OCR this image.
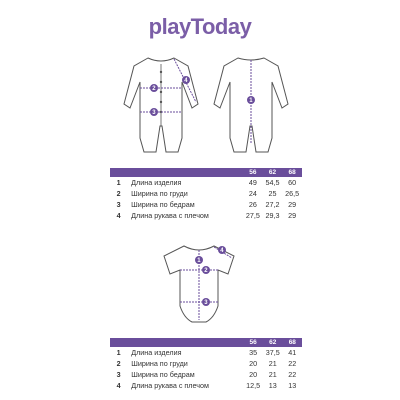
playToday
2
3
4
1
		56	62	68
1	Длина изделия	49	54,5	60
2	Ширина по груди	24	25	26,5
3	Ширина по бедрам	26	27,2	29
4	Длина рукава с плечом	27,5	29,3	29
1
2
3
4
		56	62	68
1	Длина изделия	35	37,5	41
2	Ширина по груди	20	21	22
3	Ширина по бедрам	20	21	22
4	Длина рукава с плечом	12,5	13	13
